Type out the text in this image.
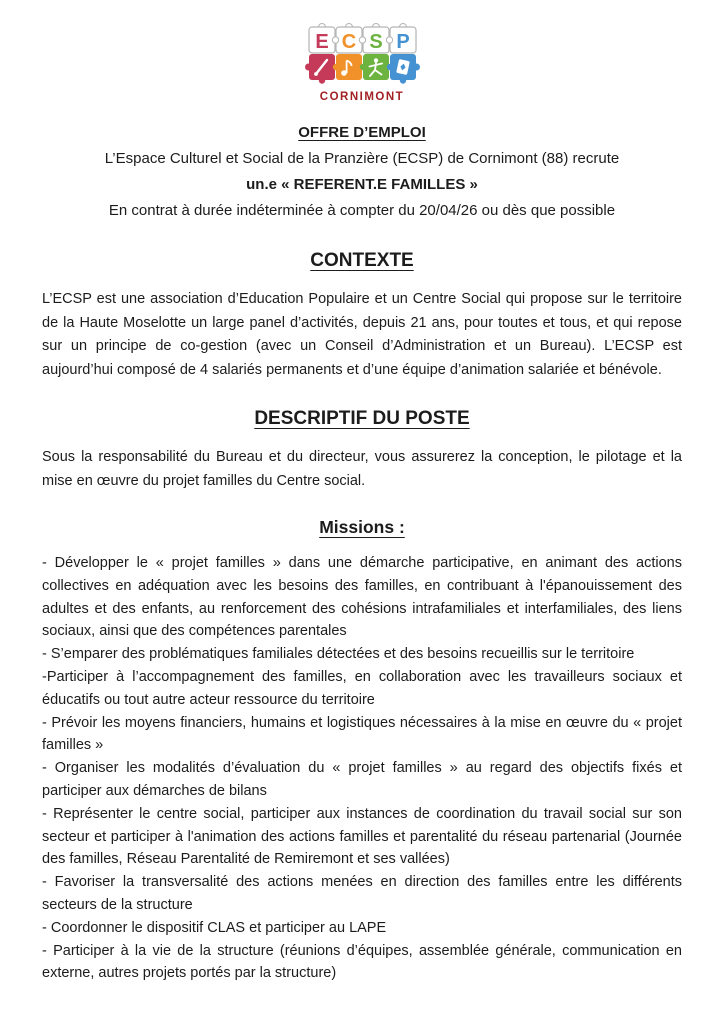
E C S P
CORNIMONT

OFFRE D’EMPLOI

L’Espace Culturel et Social de la Pranzière (ECSP) de Cornimont (88) recrute

un.e « REFERENT.E FAMILLES »

En contrat à durée indéterminée à compter du 20/04/26 ou dès que possible

CONTEXTE

L’ECSP est une association d’Education Populaire et un Centre Social qui propose sur le territoire de la Haute Moselotte un large panel d’activités, depuis 21 ans, pour toutes et tous, et qui repose sur un principe de co-gestion (avec un Conseil d’Administration et un Bureau). L’ECSP est aujourd’hui composé de 4 salariés permanents et d’une équipe d’animation salariée et bénévole.

DESCRIPTIF DU POSTE

Sous la responsabilité du Bureau et du directeur, vous assurerez la conception, le pilotage et la mise en œuvre du projet familles du Centre social.

Missions :

- Développer le « projet familles » dans une démarche participative, en animant des actions collectives en adéquation avec les besoins des familles, en contribuant à l'épanouissement des adultes et des enfants, au renforcement des cohésions intrafamiliales et interfamiliales, des liens sociaux, ainsi que des compétences parentales

- S’emparer des problématiques familiales détectées et des besoins recueillis sur le territoire

-Participer à l’accompagnement des familles, en collaboration avec les travailleurs sociaux et éducatifs ou tout autre acteur ressource du territoire

- Prévoir les moyens financiers, humains et logistiques nécessaires à la mise en œuvre du « projet familles »

- Organiser les modalités d’évaluation du « projet familles » au regard des objectifs fixés et participer aux démarches de bilans

- Représenter le centre social, participer aux instances de coordination du travail social sur son secteur et participer à l'animation des actions familles et parentalité du réseau partenarial (Journée des familles, Réseau Parentalité de Remiremont et ses vallées)

- Favoriser la transversalité des actions menées en direction des familles entre les différents secteurs de la structure

- Coordonner le dispositif CLAS et participer au LAPE

- Participer à la vie de la structure (réunions d’équipes, assemblée générale, communication en externe, autres projets portés par la structure)
